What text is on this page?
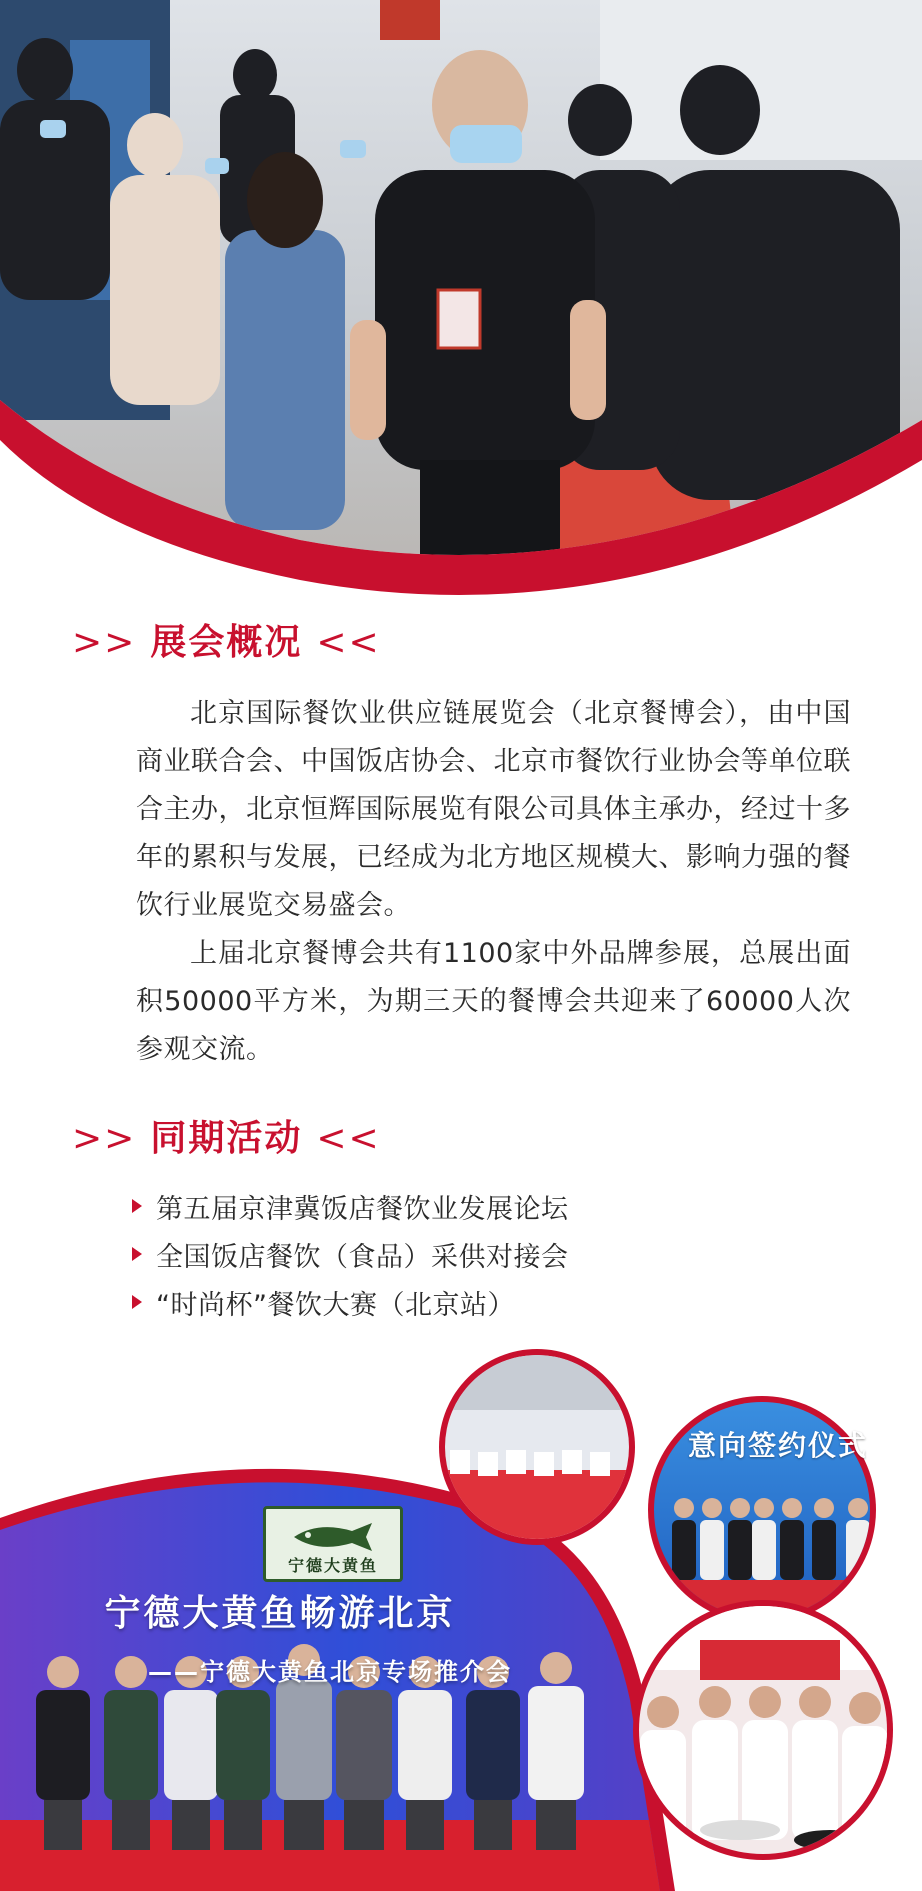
>> 展会概况 <<

北京国际餐饮业供应链展览会（北京餐博会），由中国商业联合会、中国饭店协会、北京市餐饮行业协会等单位联合主办，北京恒辉国际展览有限公司具体主承办，经过十多年的累积与发展，已经成为北方地区规模大、影响力强的餐饮行业展览交易盛会。

上届北京餐博会共有1100家中外品牌参展，总展出面积50000平方米，为期三天的餐博会共迎来了60000人次参观交流。

>> 同期活动 <<
第五届京津冀饭店餐饮业发展论坛
全国饭店餐饮（食品）采供对接会
“时尚杯”餐饮大赛（北京站）
宁德大黄鱼
宁德大黄鱼畅游北京
——宁德大黄鱼北京专场推介会
意向签约仪式
